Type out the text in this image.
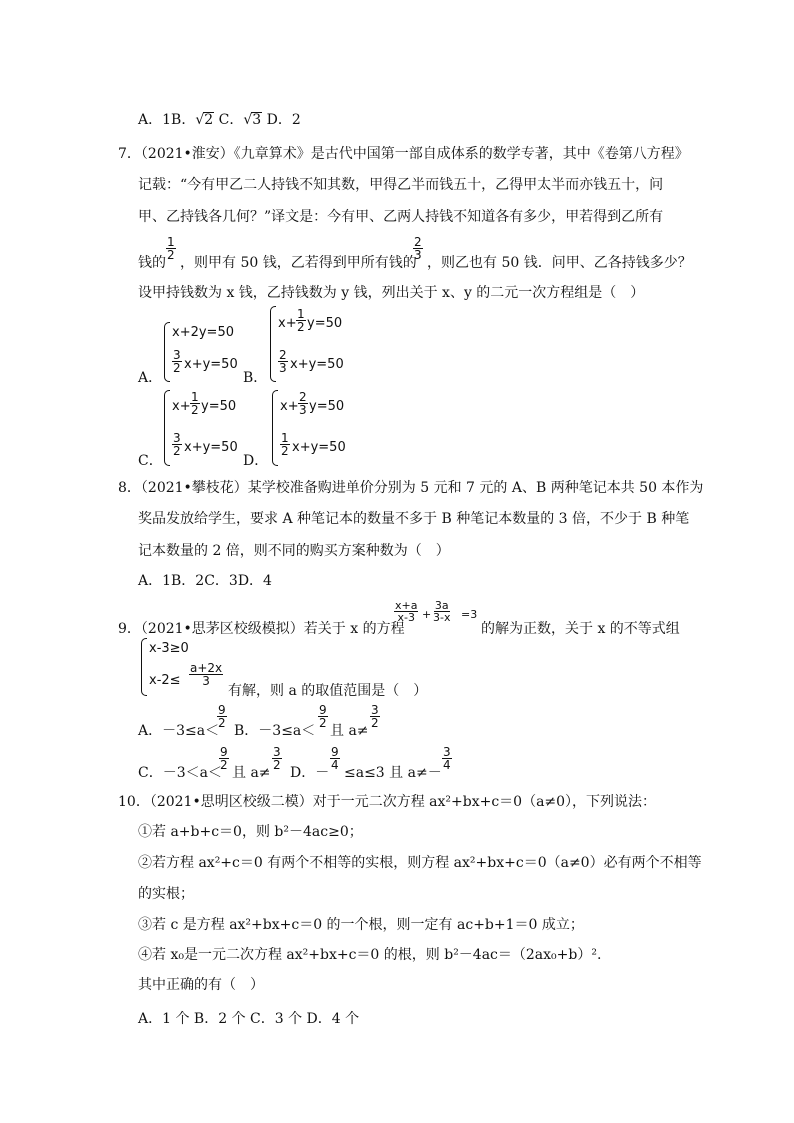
A．1B．√2 C．√3 D．2
7．（2021•淮安）《九章算术》是古代中国第一部自成体系的数学专著，其中《卷第八方程》
记载：“今有甲乙二人持钱不知其数，甲得乙半而钱五十，乙得甲太半而亦钱五十，问
甲、乙持钱各几何？”译文是：今有甲、乙两人持钱不知道各有多少，甲若得到乙所有
钱的
$\frac{1}{2}$
，则甲有 50 钱，乙若得到甲所有钱的
$\frac{2}{3}$
，则乙也有 50 钱．问甲、乙各持钱多少？
设甲持钱数为 x 钱，乙持钱数为 y 钱，列出关于 x、y 的二元一次方程组是（　）
A．
x+2y=50
$\frac{3}{2} x+y=50$
B．
$x+ \frac{1}{2} y=50$
$\frac{2}{3} x+y=50$
C．
$x+ \frac{1}{2} y=50$
$\frac{3}{2} x+y=50$
D．
$x+ \frac{2}{3} y=50$
$\frac{1}{2} x+y=50$
8．（2021•攀枝花）某学校准备购进单价分别为 5 元和 7 元的 A、B 两种笔记本共 50 本作为
奖品发放给学生，要求 A 种笔记本的数量不多于 B 种笔记本数量的 3 倍，不少于 B 种笔
记本数量的 2 倍，则不同的购买方案种数为（　）
A．1B．2C．3D．4
9．（2021•思茅区校级模拟）若关于 x 的方程
$\frac{x+a}{x-3} + \frac{3a}{3-x} =3$
的解为正数，关于 x 的不等式组
x-3≥0
$x-2\le \frac{a+2x}{3}$
有解，则 a 的取值范围是（　）
A．－3≤a＜
$\frac{9}{2}$
B．－3≤a＜
$\frac{9}{2}$
且 a≠
$\frac{3}{2}$
C．－3＜a＜
$\frac{9}{2}$
且 a≠
$\frac{3}{2}$
D．－
$\frac{9}{4}$
≤a≤3 且 a≠－
$\frac{3}{4}$
10．（2021•思明区校级二模）对于一元二次方程 ax²+bx+c＝0（a≠0），下列说法：
①若 a+b+c＝0，则 b²－4ac≥0；
②若方程 ax²+c＝0 有两个不相等的实根，则方程 ax²+bx+c＝0（a≠0）必有两个不相等
的实根；
③若 c 是方程 ax²+bx+c＝0 的一个根，则一定有 ac+b+1＝0 成立；
④若 x₀是一元二次方程 ax²+bx+c＝0 的根，则 b²－4ac＝（2ax₀+b）².
其中正确的有（　）
A．1 个 B．2 个 C．3 个 D．4 个
